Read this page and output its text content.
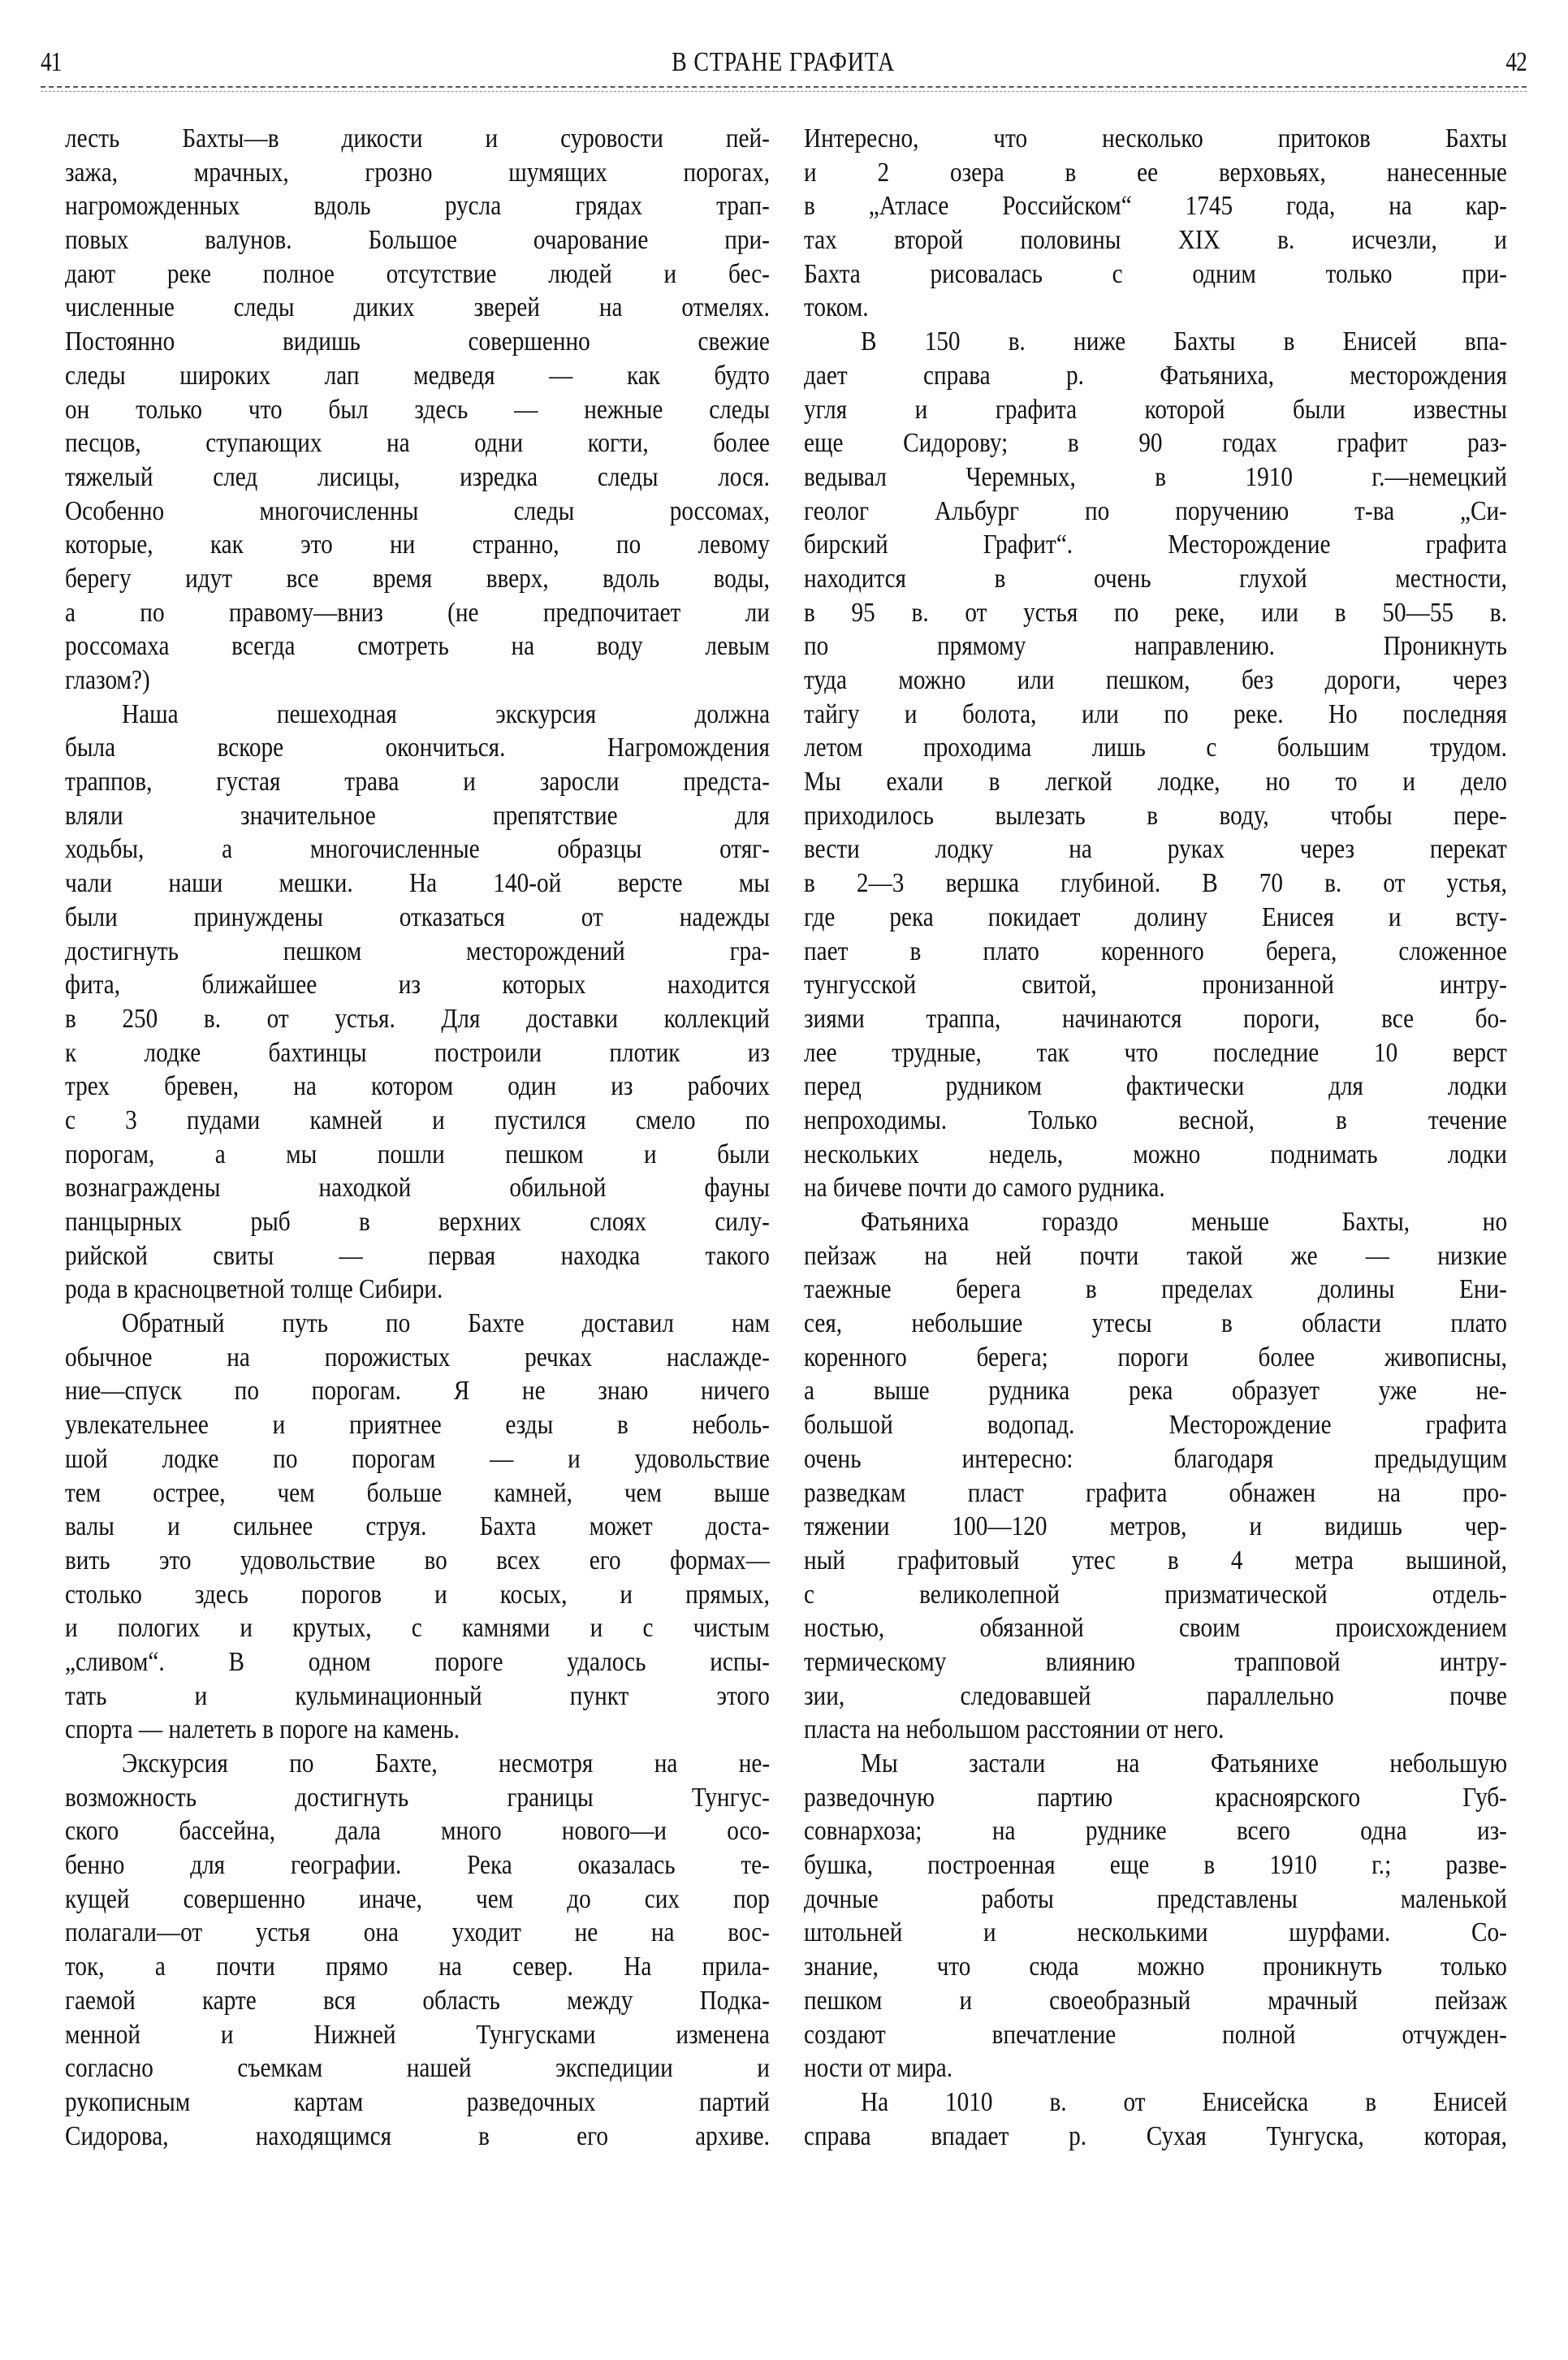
41	В СТРАНЕ ГРАФИТА	42
лесть Бахты—в дикости и суровости пей-
зажа, мрачных, грозно шумящих порогах,
нагроможденных вдоль русла грядах трап-
повых валунов. Большое очарование при-
дают реке полное отсутствие людей и бес-
численные следы диких зверей на отмелях.
Постоянно видишь совершенно свежие
следы широких лап медведя — как будто
он только что был здесь — нежные следы
песцов, ступающих на одни когти, более
тяжелый след лисицы, изредка следы лося.
Особенно многочисленны следы россомах,
которые, как это ни странно, по левому
берегу идут все время вверх, вдоль воды,
а по правому—вниз (не предпочитает ли
россомаха всегда смотреть на воду левым
глазом?)
Наша пешеходная экскурсия должна
была вскоре окончиться. Нагромождения
траппов, густая трава и заросли предста-
вляли значительное препятствие для
ходьбы, а многочисленные образцы отяг-
чали наши мешки. На 140-ой версте мы
были принуждены отказаться от надежды
достигнуть пешком месторождений гра-
фита, ближайшее из которых находится
в 250 в. от устья. Для доставки коллекций
к лодке бахтинцы построили плотик из
трех бревен, на котором один из рабочих
с 3 пудами камней и пустился смело по
порогам, а мы пошли пешком и были
вознаграждены находкой обильной фауны
панцырных рыб в верхних слоях силу-
рийской свиты — первая находка такого
рода в красноцветной толще Сибири.
Обратный путь по Бахте доставил нам
обычное на порожистых речках наслажде-
ние—спуск по порогам. Я не знаю ничего
увлекательнее и приятнее езды в неболь-
шой лодке по порогам — и удовольствие
тем острее, чем больше камней, чем выше
валы и сильнее струя. Бахта может доста-
вить это удовольствие во всех его формах—
столько здесь порогов и косых, и прямых,
и пологих и крутых, с камнями и с чистым
„сливом“. В одном пороге удалось испы-
тать и кульминационный пункт этого
спорта — налететь в пороге на камень.
Экскурсия по Бахте, несмотря на не-
возможность достигнуть границы Тунгус-
ского бассейна, дала много нового—и осо-
бенно для географии. Река оказалась те-
кущей совершенно иначе, чем до сих пор
полагали—от устья она уходит не на вос-
ток, а почти прямо на север. На прила-
гаемой карте вся область между Подка-
менной и Нижней Тунгусками изменена
согласно съемкам нашей экспедиции и
рукописным картам разведочных партий
Сидорова, находящимся в его архиве.
Интересно, что несколько притоков Бахты
и 2 озера в ее верховьях, нанесенные
в „Атласе Российском“ 1745 года, на кар-
тах второй половины XIX в. исчезли, и
Бахта рисовалась с одним только при-
током.
В 150 в. ниже Бахты в Енисей впа-
дает справа р. Фатьяниха, месторождения
угля и графита которой были известны
еще Сидорову; в 90 годах графит раз-
ведывал Черемных, в 1910 г.—немецкий
геолог Альбург по поручению т-ва „Си-
бирский Графит“. Месторождение графита
находится в очень глухой местности,
в 95 в. от устья по реке, или в 50—55 в.
по прямому направлению. Проникнуть
туда можно или пешком, без дороги, через
тайгу и болота, или по реке. Но последняя
летом проходима лишь с большим трудом.
Мы ехали в легкой лодке, но то и дело
приходилось вылезать в воду, чтобы пере-
вести лодку на руках через перекат
в 2—3 вершка глубиной. В 70 в. от устья,
где река покидает долину Енисея и всту-
пает в плато коренного берега, сложенное
тунгусской свитой, пронизанной интру-
зиями траппа, начинаются пороги, все бо-
лее трудные, так что последние 10 верст
перед рудником фактически для лодки
непроходимы. Только весной, в течение
нескольких недель, можно поднимать лодки
на бичеве почти до самого рудника.
Фатьяниха гораздо меньше Бахты, но
пейзаж на ней почти такой же — низкие
таежные берега в пределах долины Ени-
сея, небольшие утесы в области плато
коренного берега; пороги более живописны,
а выше рудника река образует уже не-
большой водопад. Месторождение графита
очень интересно: благодаря предыдущим
разведкам пласт графита обнажен на про-
тяжении 100—120 метров, и видишь чер-
ный графитовый утес в 4 метра вышиной,
с великолепной призматической отдель-
ностью, обязанной своим происхождением
термическому влиянию трапповой интру-
зии, следовавшей параллельно почве
пласта на небольшом расстоянии от него.
Мы застали на Фатьянихе небольшую
разведочную партию красноярского Губ-
совнархоза; на руднике всего одна из-
бушка, построенная еще в 1910 г.; разве-
дочные работы представлены маленькой
штольней и несколькими шурфами. Со-
знание, что сюда можно проникнуть только
пешком и своеобразный мрачный пейзаж
создают впечатление полной отчужден-
ности от мира.
На 1010 в. от Енисейска в Енисей
справа впадает р. Сухая Тунгуска, которая,
